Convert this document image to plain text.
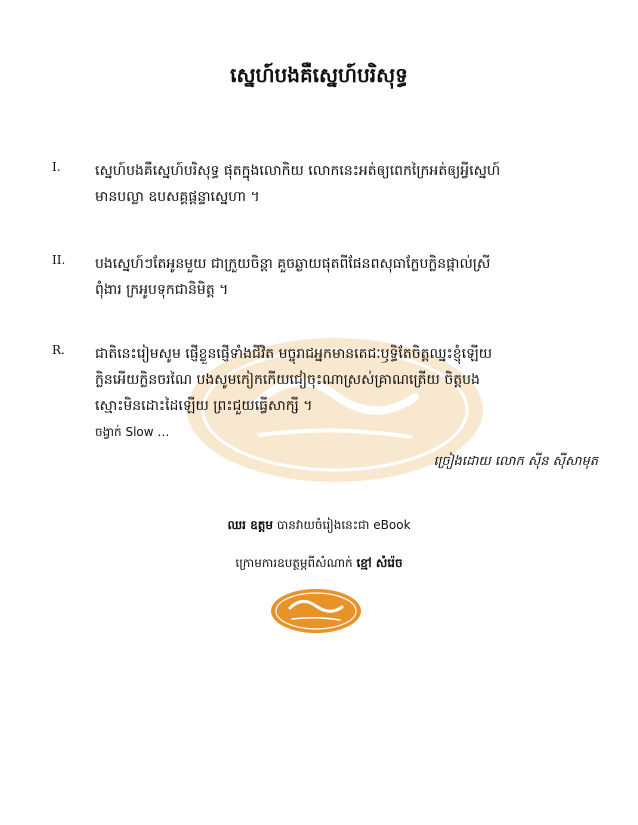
ស្នេហ៍បងគឺស្នេហ៍បរិសុទ្ធ
I.	ស្នេហ៍បងគឺស្នេហ៍បរិសុទ្ធ ផុតក្នុងលោកិយ លោកនេះអត់ឲ្យពេកក្រៃអត់ឲ្យអ្វីស្នេហ៍
មានបល្លា ឧបសគ្គផ្តន្ទាស្នេហា ។
II.	បងស្នេហ៍ៗតែអូនមួយ ជាក្រួយចិន្តា គួចឆ្ងាយផុតពីផែនពសុធាក្លែបក្លិនផ្កាល់ស្រី
ពុំងារ ក្រអូបទុកជានិមិត្ត ។
R.	ជាតិនេះរៀមសូម ផ្ញើខ្លួនផ្ញើទាំងជីវិត មច្ចុរាជអ្នកមានតេជៈឫទ្ធិតែចិត្តឈ្នះខ្ញុំឡើយ
ក្លិនអើយក្លិនចរណៃ បងសូមកៀកកើយជៀចុះណាស្រស់គ្រាណត្រើយ ចិត្តបង
ស្មោះមិនដោះដៃឡើយ ព្រះជួយធ្វើសាក្សី ។
ចង្វាក់ Slow …
ច្រៀងដោយ លោក ស៊ីន ស៊ីសាមុត
ឈរ ឧត្តម បានវាយចំរៀងនេះជា eBook
ក្រោមការឧបត្ថម្ភពីសំណាក់ ខ្មៅ សំរ៉េច
